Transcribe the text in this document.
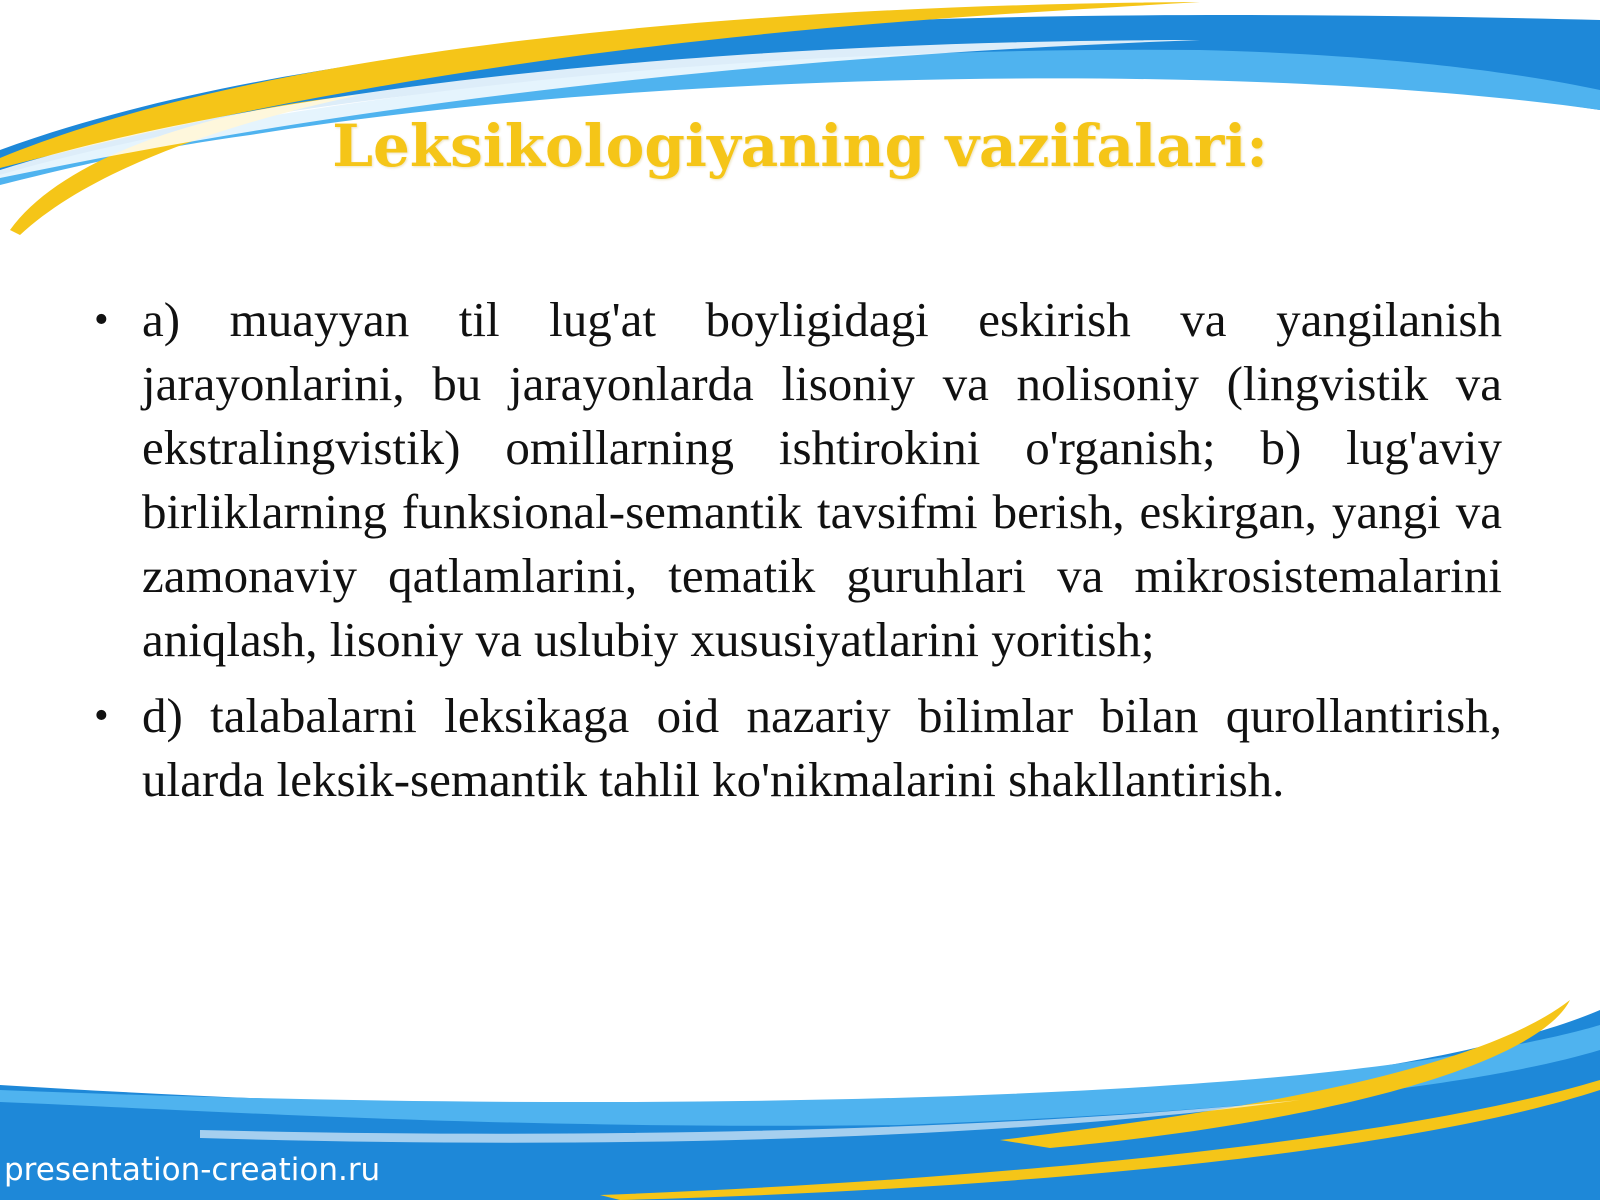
Leksikologiyaning vazifalari:

• a) muayyan til lug'at boyligidagi eskirish va yangilanish jarayonlarini, bu jarayonlarda lisoniy va nolisoniy (lingvistik va ekstralingvistik) omillarning ishtirokini o'rganish; b) lug'aviy birliklarning funksional-semantik tavsifmi berish, eskirgan, yangi va zamonaviy qatlamlarini, tematik guruhlari va mikrosistemalarini aniqlash, lisoniy va uslubiy xususiyatlarini yoritish;

• d) talabalarni leksikaga oid nazariy bilimlar bilan qurollantirish, ularda leksik-semantik tahlil ko'nikmalarini shakllantirish.

presentation-creation.ru
